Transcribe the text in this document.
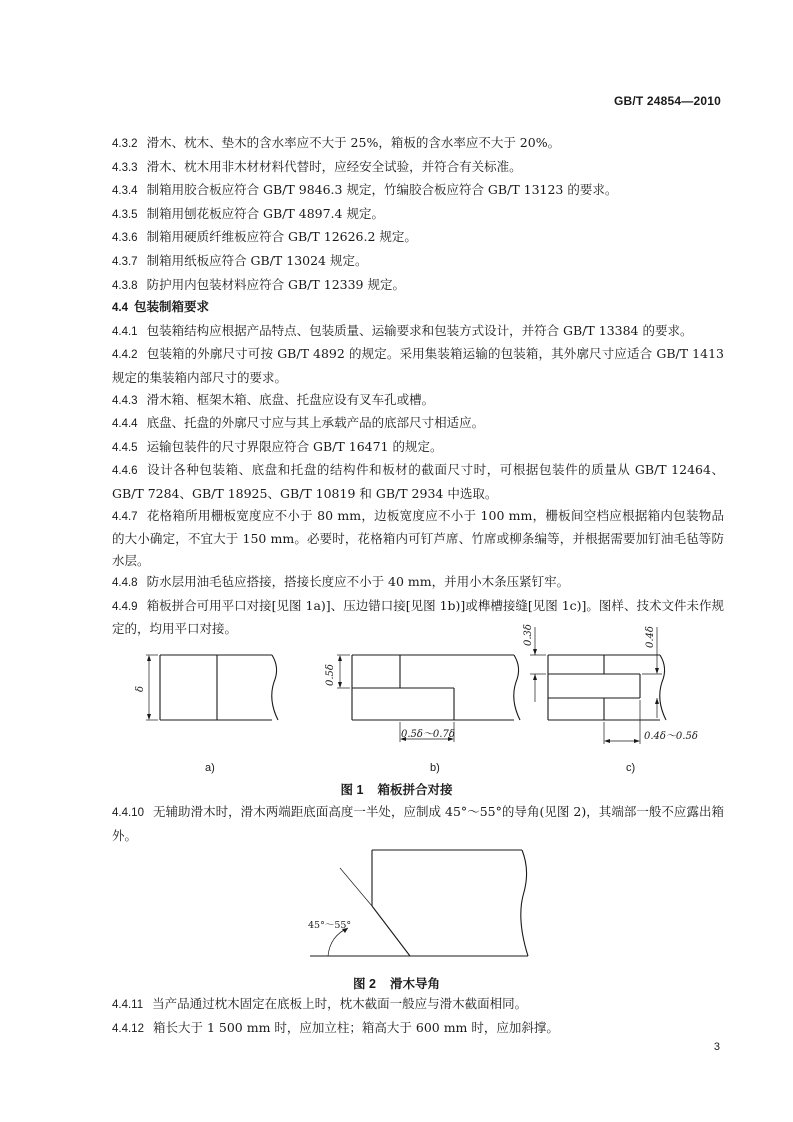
GB/T 24854—2010

4.3.2 滑木、枕木、垫木的含水率应不大于 25%，箱板的含水率应不大于 20%。

4.3.3 滑木、枕木用非木材材料代替时，应经安全试验，并符合有关标准。

4.3.4 制箱用胶合板应符合 GB/T 9846.3 规定，竹编胶合板应符合 GB/T 13123 的要求。

4.3.5 制箱用刨花板应符合 GB/T 4897.4 规定。

4.3.6 制箱用硬质纤维板应符合 GB/T 12626.2 规定。

4.3.7 制箱用纸板应符合 GB/T 13024 规定。

4.3.8 防护用内包装材料应符合 GB/T 12339 规定。

4.4 包装制箱要求

4.4.1 包装箱结构应根据产品特点、包装质量、运输要求和包装方式设计，并符合 GB/T 13384 的要求。

4.4.2 包装箱的外廓尺寸可按 GB/T 4892 的规定。采用集装箱运输的包装箱，其外廓尺寸应适合 GB/T 1413 规定的集装箱内部尺寸的要求。

4.4.3 滑木箱、框架木箱、底盘、托盘应设有叉车孔或槽。

4.4.4 底盘、托盘的外廓尺寸应与其上承载产品的底部尺寸相适应。

4.4.5 运输包装件的尺寸界限应符合 GB/T 16471 的规定。

4.4.6 设计各种包装箱、底盘和托盘的结构件和板材的截面尺寸时，可根据包装件的质量从 GB/T 12464、GB/T 7284、GB/T 18925、GB/T 10819 和 GB/T 2934 中选取。

4.4.7 花格箱所用栅板宽度应不小于 80 mm，边板宽度应不小于 100 mm，栅板间空档应根据箱内包装物品的大小确定，不宜大于 150 mm。必要时，花格箱内可钉芦席、竹席或柳条编等，并根据需要加钉油毛毡等防水层。

4.4.8 防水层用油毛毡应搭接，搭接长度应不小于 40 mm，并用小木条压紧钉牢。

4.4.9 箱板拼合可用平口对接[见图 1a)]、压边错口接[见图 1b)]或榫槽接缝[见图 1c)]。图样、技术文件未作规定的，均用平口对接。

δ
0.5δ
0.5δ～0.7δ
0.3δ	0.4δ
0.4δ～0.5δ
a)	b)	c)
图 1 箱板拼合对接

4.4.10 无辅助滑木时，滑木两端距底面高度一半处，应制成 45°～55°的导角(见图 2)，其端部一般不应露出箱外。

45°～55°
图 2 滑木导角

4.4.11 当产品通过枕木固定在底板上时，枕木截面一般应与滑木截面相同。

4.4.12 箱长大于 1 500 mm 时，应加立柱；箱高大于 600 mm 时，应加斜撑。

3
